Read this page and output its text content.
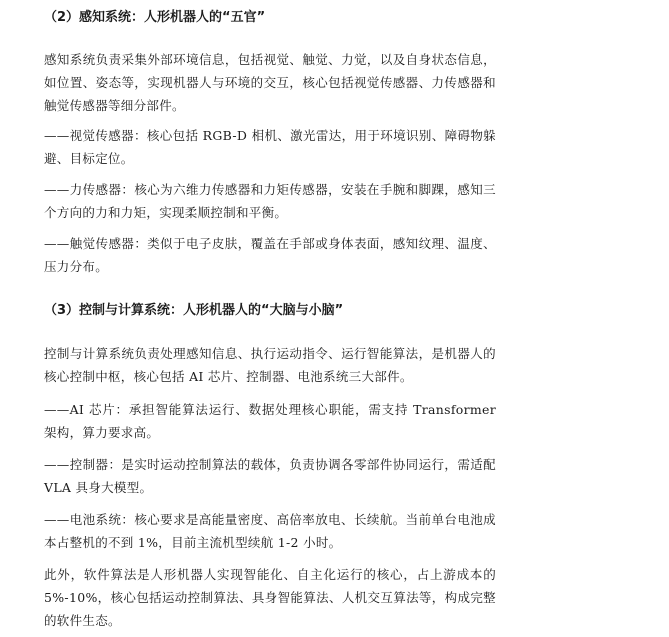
（2）感知系统：人形机器人的“五官”
感知系统负责采集外部环境信息，包括视觉、触觉、力觉，以及自身状态信息，如位置、姿态等，实现机器人与环境的交互，核心包括视觉传感器、力传感器和触觉传感器等细分部件。
——视觉传感器：核心包括 RGB-D 相机、激光雷达，用于环境识别、障碍物躲避、目标定位。
——力传感器：核心为六维力传感器和力矩传感器，安装在手腕和脚踝，感知三个方向的力和力矩，实现柔顺控制和平衡。
——触觉传感器：类似于电子皮肤，覆盖在手部或身体表面，感知纹理、温度、压力分布。
（3）控制与计算系统：人形机器人的“大脑与小脑”
控制与计算系统负责处理感知信息、执行运动指令、运行智能算法，是机器人的核心控制中枢，核心包括 AI 芯片、控制器、电池系统三大部件。
——AI 芯片：承担智能算法运行、数据处理核心职能，需支持 Transformer 架构，算力要求高。
——控制器：是实时运动控制算法的载体，负责协调各零部件协同运行，需适配 VLA 具身大模型。
——电池系统：核心要求是高能量密度、高倍率放电、长续航。当前单台电池成本占整机的不到 1%，目前主流机型续航 1-2 小时。
此外，软件算法是人形机器人实现智能化、自主化运行的核心，占上游成本的 5%-10%，核心包括运动控制算法、具身智能算法、人机交互算法等，构成完整的软件生态。
